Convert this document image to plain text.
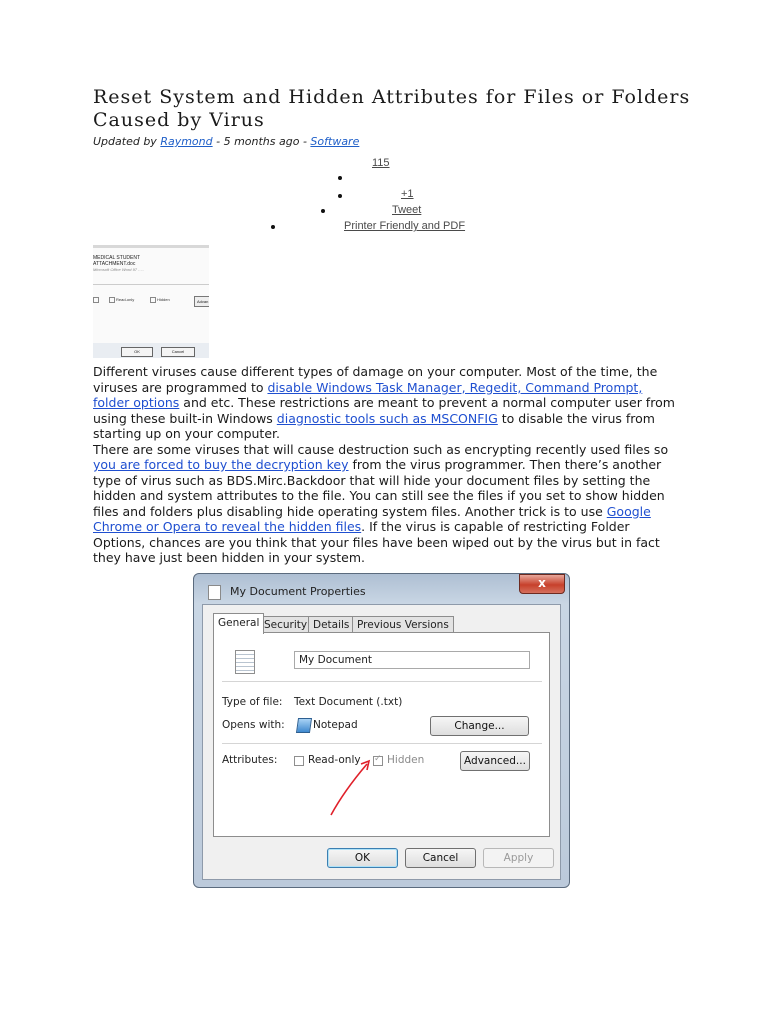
Reset System and Hidden Attributes for Files or Folders Caused by Virus
Updated by Raymond - 5 months ago - Software
115
+1
Tweet
Printer Friendly and PDF
MEDICAL STUDENT
ATTACHMENT.doc
Microsoft Office Word 97 - ...
Read-only	Hidden	Advan
OK	Cancel

Different viruses cause different types of damage on your computer. Most of the time, the viruses are programmed to disable Windows Task Manager, Regedit, Command Prompt, folder options and etc. These restrictions are meant to prevent a normal computer user from using these built-in Windows diagnostic tools such as MSCONFIG to disable the virus from starting up on your computer.

There are some viruses that will cause destruction such as encrypting recently used files so you are forced to buy the decryption key from the virus programmer. Then there’s another type of virus such as BDS.Mirc.Backdoor that will hide your document files by setting the hidden and system attributes to the file. You can still see the files if you set to show hidden files and folders plus disabling hide operating system files. Another trick is to use Google Chrome or Opera to reveal the hidden files. If the virus is capable of restricting Folder Options, chances are you think that your files have been wiped out by the virus but in fact they have just been hidden in your system.

My Document Properties
x
General Security Details Previous Versions
My Document
Type of file: Text Document (.txt)
Opens with:	Notepad	Change...
Attributes:	Read-only
✓	Hidden	Advanced...
OK	Cancel	Apply
